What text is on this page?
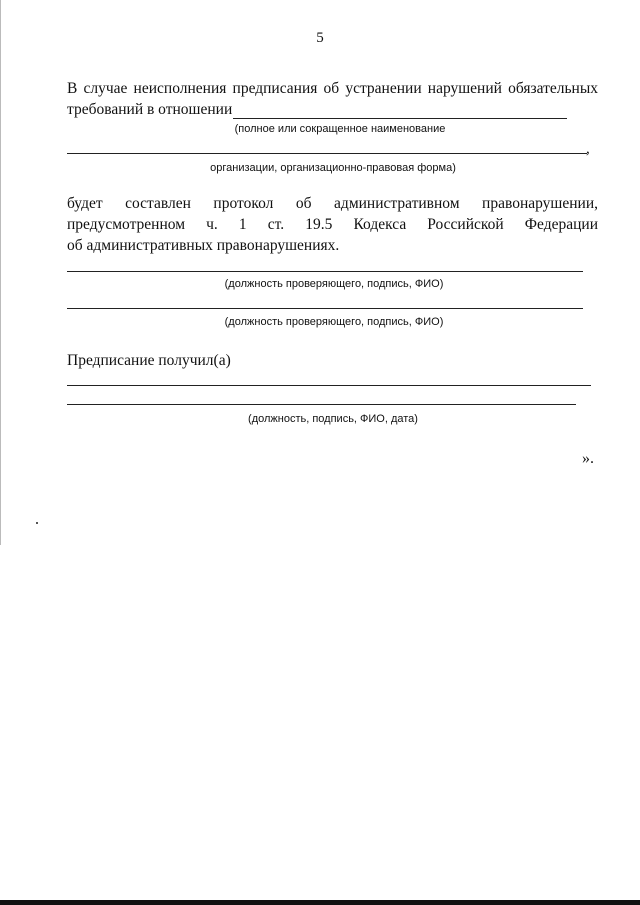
5
В случае неисполнения предписания об устранении нарушений обязательных
требований в отношении
(полное или сокращенное наименование
,
организации, организационно-правовая форма)
будет составлен протокол об административном правонарушении,
предусмотренном ч. 1 ст. 19.5 Кодекса Российской Федерации
об административных правонарушениях.
(должность проверяющего, подпись, ФИО)
(должность проверяющего, подпись, ФИО)
Предписание получил(а)
(должность, подпись, ФИО, дата)
».
